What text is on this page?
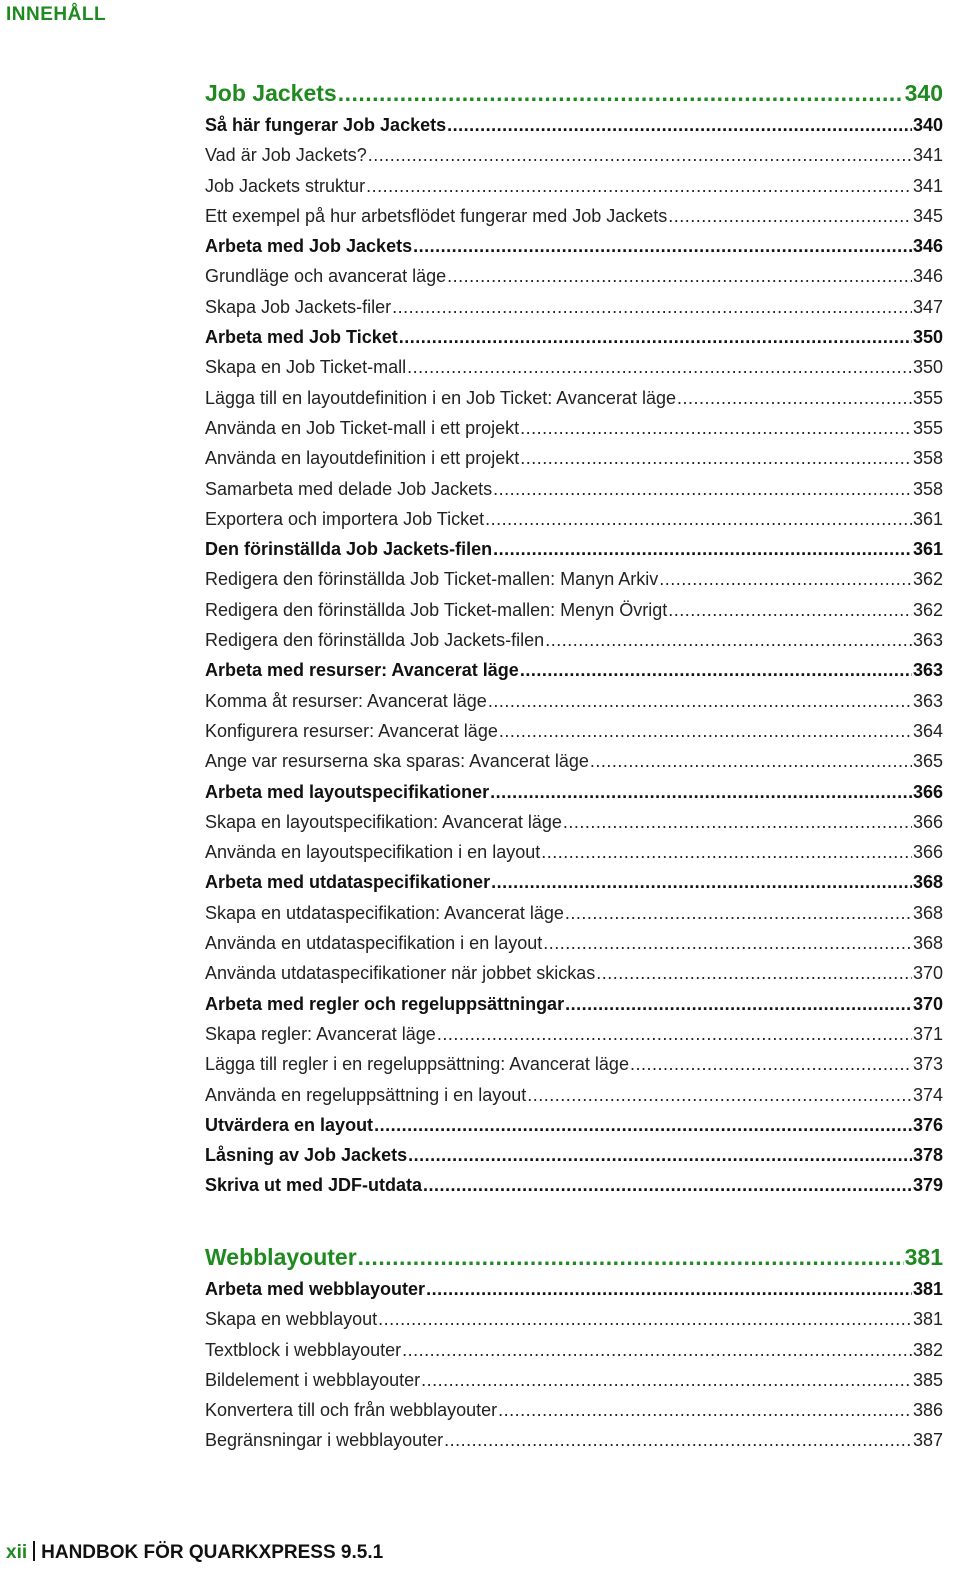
INNEHÅLL
Job Jackets .....	340
Så här fungerar Job Jackets .....	340
Vad är Job Jackets? .....	341
Job Jackets struktur .....	341
Ett exempel på hur arbetsflödet fungerar med Job Jackets .....	345
Arbeta med Job Jackets .....	346
Grundläge och avancerat läge .....	346
Skapa Job Jackets-filer .....	347
Arbeta med Job Ticket .....	350
Skapa en Job Ticket-mall .....	350
Lägga till en layoutdefinition i en Job Ticket: Avancerat läge .....	355
Använda en Job Ticket-mall i ett projekt .....	355
Använda en layoutdefinition i ett projekt .....	358
Samarbeta med delade Job Jackets .....	358
Exportera och importera Job Ticket .....	361
Den förinställda Job Jackets-filen .....	361
Redigera den förinställda Job Ticket-mallen: Manyn Arkiv .....	362
Redigera den förinställda Job Ticket-mallen: Menyn Övrigt .....	362
Redigera den förinställda Job Jackets-filen .....	363
Arbeta med resurser: Avancerat läge .....	363
Komma åt resurser: Avancerat läge .....	363
Konfigurera resurser: Avancerat läge .....	364
Ange var resurserna ska sparas: Avancerat läge .....	365
Arbeta med layoutspecifikationer .....	366
Skapa en layoutspecifikation: Avancerat läge .....	366
Använda en layoutspecifikation i en layout .....	366
Arbeta med utdataspecifikationer .....	368
Skapa en utdataspecifikation: Avancerat läge .....	368
Använda en utdataspecifikation i en layout .....	368
Använda utdataspecifikationer när jobbet skickas .....	370
Arbeta med regler och regeluppsättningar .....	370
Skapa regler: Avancerat läge .....	371
Lägga till regler i en regeluppsättning: Avancerat läge .....	373
Använda en regeluppsättning i en layout .....	374
Utvärdera en layout .....	376
Låsning av Job Jackets .....	378
Skriva ut med JDF-utdata .....	379
Webblayouter .....	381
Arbeta med webblayouter .....	381
Skapa en webblayout .....	381
Textblock i webblayouter .....	382
Bildelement i webblayouter .....	385
Konvertera till och från webblayouter .....	386
Begränsningar i webblayouter .....	387
xii HANDBOK FÖR QUARKXPRESS 9.5.1
